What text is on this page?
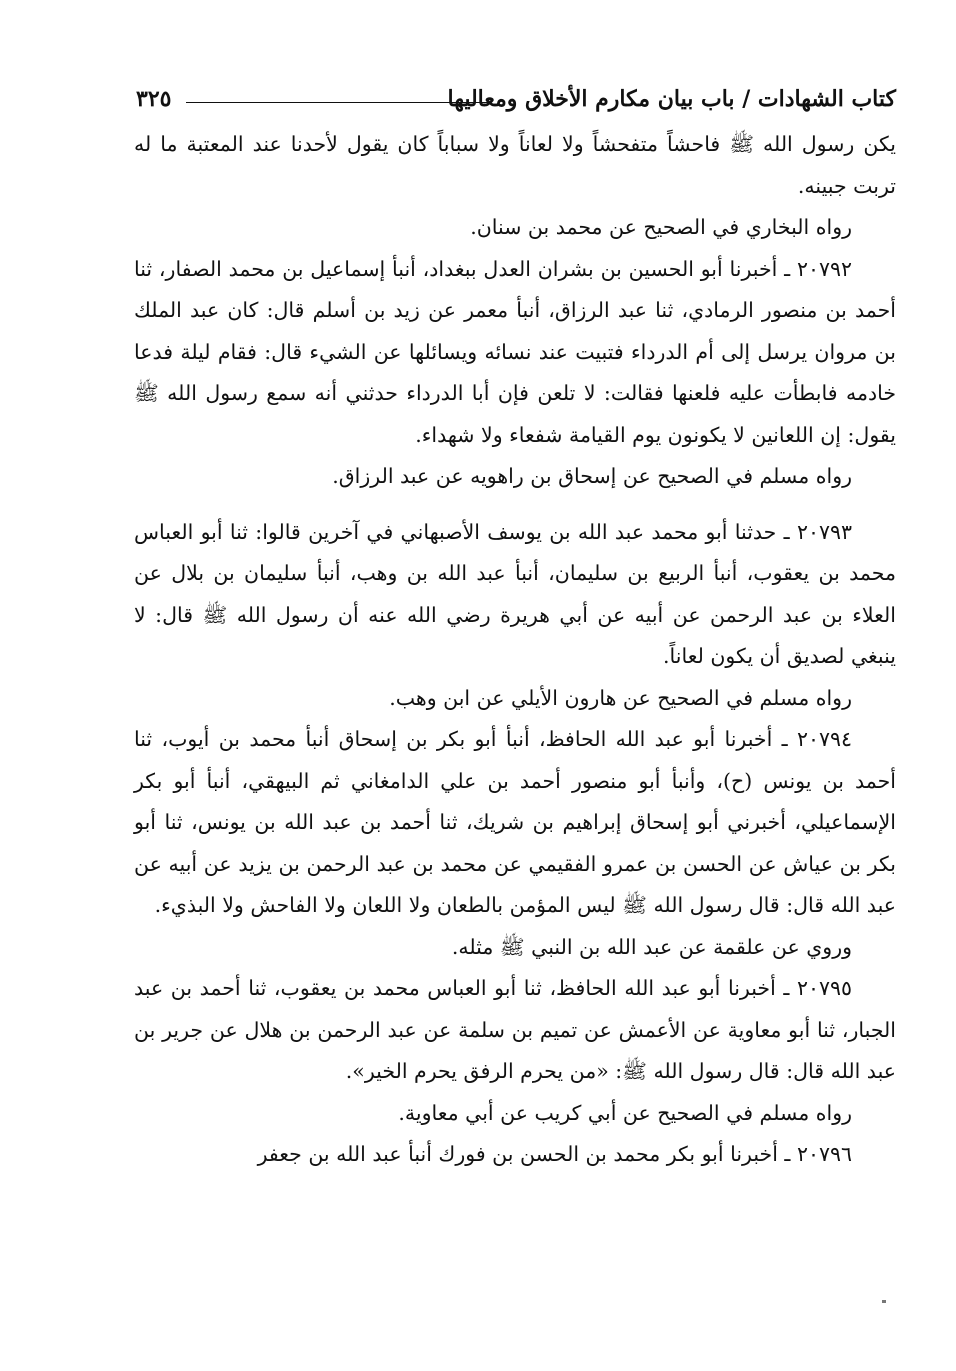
كتاب الشهادات / باب بيان مكارم الأخلاق ومعاليها
٣٢٥

يكن رسول الله ﷺ فاحشاً متفحشاً ولا لعاناً ولا سباباً كان يقول لأحدنا عند المعتبة ما له تربت جبينه.

رواه البخاري في الصحيح عن محمد بن سنان.

٢٠٧٩٢ ـ أخبرنا أبو الحسين بن بشران العدل ببغداد، أنبأ إسماعيل بن محمد الصفار، ثنا أحمد بن منصور الرمادي، ثنا عبد الرزاق، أنبأ معمر عن زيد بن أسلم قال: كان عبد الملك بن مروان يرسل إلى أم الدرداء فتبيت عند نسائه ويسائلها عن الشيء قال: فقام ليلة فدعا خادمه فابطأت عليه فلعنها فقالت: لا تلعن فإن أبا الدرداء حدثني أنه سمع رسول الله ﷺ يقول: إن اللعانين لا يكونون يوم القيامة شفعاء ولا شهداء.

رواه مسلم في الصحيح عن إسحاق بن راهويه عن عبد الرزاق.

٢٠٧٩٣ ـ حدثنا أبو محمد عبد الله بن يوسف الأصبهاني في آخرين قالوا: ثنا أبو العباس محمد بن يعقوب، أنبأ الربيع بن سليمان، أنبأ عبد الله بن وهب، أنبأ سليمان بن بلال عن العلاء بن عبد الرحمن عن أبيه عن أبي هريرة رضي الله عنه أن رسول الله ﷺ قال: لا ينبغي لصديق أن يكون لعاناً.

رواه مسلم في الصحيح عن هارون الأيلي عن ابن وهب.

٢٠٧٩٤ ـ أخبرنا أبو عبد الله الحافظ، أنبأ أبو بكر بن إسحاق أنبأ محمد بن أيوب، ثنا أحمد بن يونس (ح)، وأنبأ أبو منصور أحمد بن علي الدامغاني ثم البيهقي، أنبأ أبو بكر الإسماعيلي، أخبرني أبو إسحاق إبراهيم بن شريك، ثنا أحمد بن عبد الله بن يونس، ثنا أبو بكر بن عياش عن الحسن بن عمرو الفقيمي عن محمد بن عبد الرحمن بن يزيد عن أبيه عن عبد الله قال: قال رسول الله ﷺ ليس المؤمن بالطعان ولا اللعان ولا الفاحش ولا البذيء.

وروي عن علقمة عن عبد الله بن النبي ﷺ مثله.

٢٠٧٩٥ ـ أخبرنا أبو عبد الله الحافظ، ثنا أبو العباس محمد بن يعقوب، ثنا أحمد بن عبد الجبار، ثنا أبو معاوية عن الأعمش عن تميم بن سلمة عن عبد الرحمن بن هلال عن جرير بن عبد الله قال: قال رسول الله ﷺ: «من يحرم الرفق يحرم الخير».

رواه مسلم في الصحيح عن أبي كريب عن أبي معاوية.

٢٠٧٩٦ ـ أخبرنا أبو بكر محمد بن الحسن بن فورك أنبأ عبد الله بن جعفر
